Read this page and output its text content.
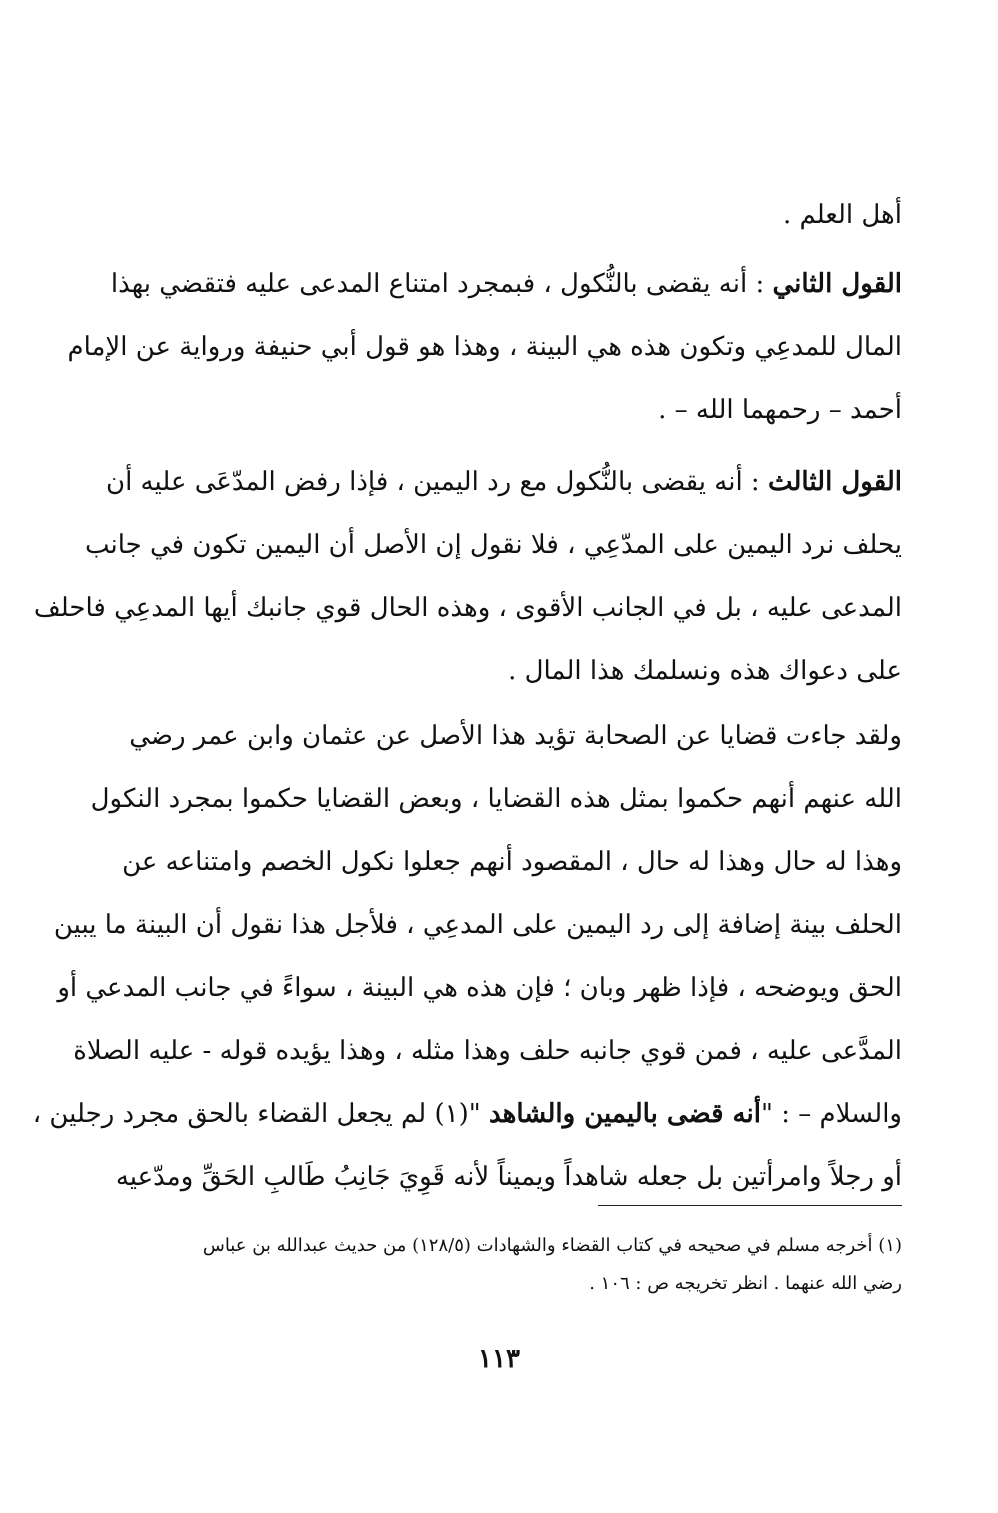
أهل العلم .
القول الثاني : أنه يقضى بالنُّكول ، فبمجرد امتناع المدعى عليه فتقضي بهذا
المال للمدعِي وتكون هذه هي البينة ، وهذا هو قول أبي حنيفة ورواية عن الإمام
أحمد – رحمهما الله – .
القول الثالث : أنه يقضى بالنُّكول مع رد اليمين ، فإذا رفض المدّعَى عليه أن
يحلف نرد اليمين على المدّعِي ، فلا نقول إن الأصل أن اليمين تكون في جانب
المدعى عليه ، بل في الجانب الأقوى ، وهذه الحال قوي جانبك أيها المدعِي فاحلف
على دعواك هذه ونسلمك هذا المال .
ولقد جاءت قضايا عن الصحابة تؤيد هذا الأصل عن عثمان وابن عمر رضي
الله عنهم أنهم حكموا بمثل هذه القضايا ، وبعض القضايا حكموا بمجرد النكول
وهذا له حال وهذا له حال ، المقصود أنهم جعلوا نكول الخصم وامتناعه عن
الحلف بينة إضافة إلى رد اليمين على المدعِي ، فلأجل هذا نقول أن البينة ما يبين
الحق ويوضحه ، فإذا ظهر وبان ؛ فإن هذه هي البينة ، سواءً في جانب المدعي أو
المدَّعى عليه ، فمن قوي جانبه حلف وهذا مثله ، وهذا يؤيده قوله - عليه الصلاة
والسلام – : "أنه قضى باليمين والشاهد "(١) لم يجعل القضاء بالحق مجرد رجلين ،
أو رجلاً وامرأتين بل جعله شاهداً ويميناً لأنه قَوِيَ جَانِبُ طَالبِ الحَقِّ ومدّعيه
(١) أخرجه مسلم في صحيحه في كتاب القضاء والشهادات (١٢٨/٥) من حديث عبدالله بن عباس
رضي الله عنهما . انظر تخريجه ص : ١٠٦ .
١١٣
